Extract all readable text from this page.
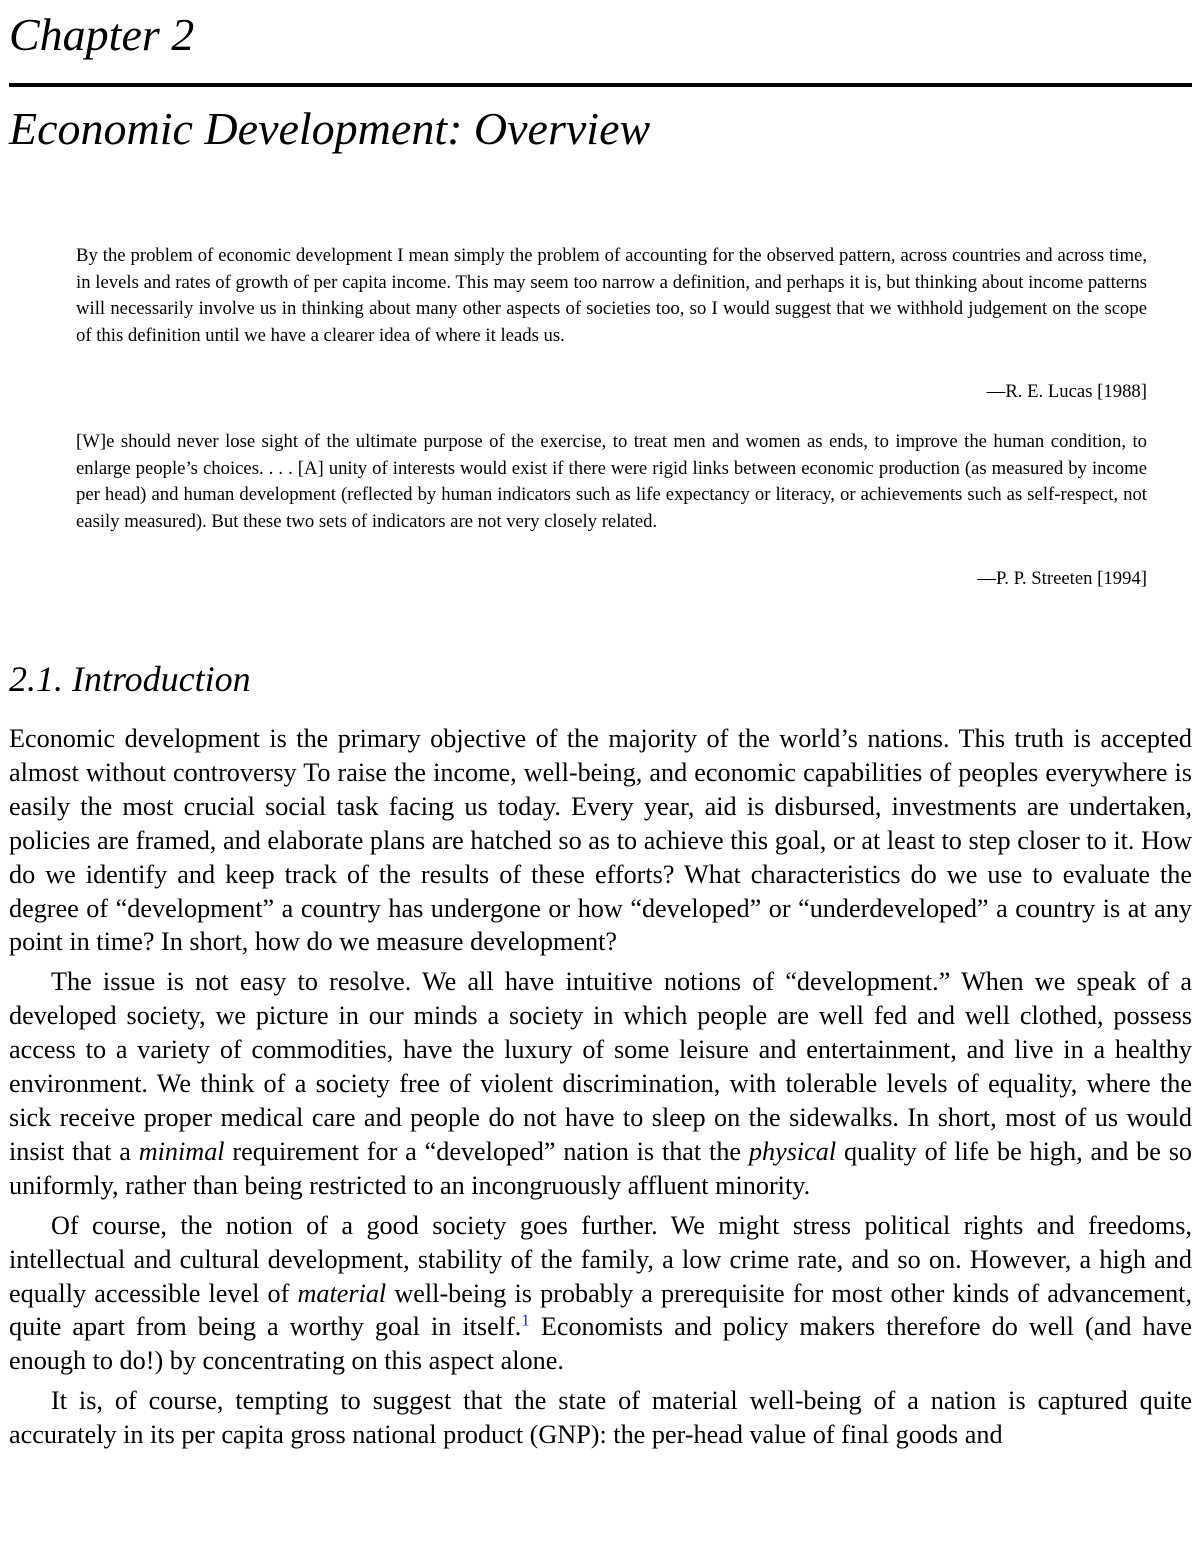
Chapter 2
Economic Development: Overview

By the problem of economic development I mean simply the problem of accounting for the observed pattern, across countries and across time, in levels and rates of growth of per capita income. This may seem too narrow a definition, and perhaps it is, but thinking about income patterns will necessarily involve us in thinking about many other aspects of societies too, so I would suggest that we withhold judgement on the scope of this definition until we have a clearer idea of where it leads us.

—R. E. Lucas [1988]

[W]e should never lose sight of the ultimate purpose of the exercise, to treat men and women as ends, to improve the human condition, to enlarge people’s choices. . . . [A] unity of interests would exist if there were rigid links between economic production (as measured by income per head) and human development (reflected by human indicators such as life expectancy or literacy, or achievements such as self-respect, not easily measured). But these two sets of indicators are not very closely related.

—P. P. Streeten [1994]

2.1. Introduction

Economic development is the primary objective of the majority of the world’s nations. This truth is accepted almost without controversy To raise the income, well-being, and economic capabilities of peoples everywhere is easily the most crucial social task facing us today. Every year, aid is disbursed, investments are undertaken, policies are framed, and elaborate plans are hatched so as to achieve this goal, or at least to step closer to it. How do we identify and keep track of the results of these efforts? What characteristics do we use to evaluate the degree of “development” a country has undergone or how “developed” or “underdeveloped” a country is at any point in time? In short, how do we measure development?

The issue is not easy to resolve. We all have intuitive notions of “development.” When we speak of a developed society, we picture in our minds a society in which people are well fed and well clothed, possess access to a variety of commodities, have the luxury of some leisure and entertainment, and live in a healthy environment. We think of a society free of violent discrimination, with tolerable levels of equality, where the sick receive proper medical care and people do not have to sleep on the sidewalks. In short, most of us would insist that a minimal requirement for a “developed” nation is that the physical quality of life be high, and be so uniformly, rather than being restricted to an incongruously affluent minority.

Of course, the notion of a good society goes further. We might stress political rights and freedoms, intellectual and cultural development, stability of the family, a low crime rate, and so on. However, a high and equally accessible level of material well-being is probably a prerequisite for most other kinds of advancement, quite apart from being a worthy goal in itself.$^1$ Economists and policy makers therefore do well (and have enough to do!) by concentrating on this aspect alone.

It is, of course, tempting to suggest that the state of material well-being of a nation is captured quite accurately in its per capita gross national product (GNP): the per-head value of final goods and
